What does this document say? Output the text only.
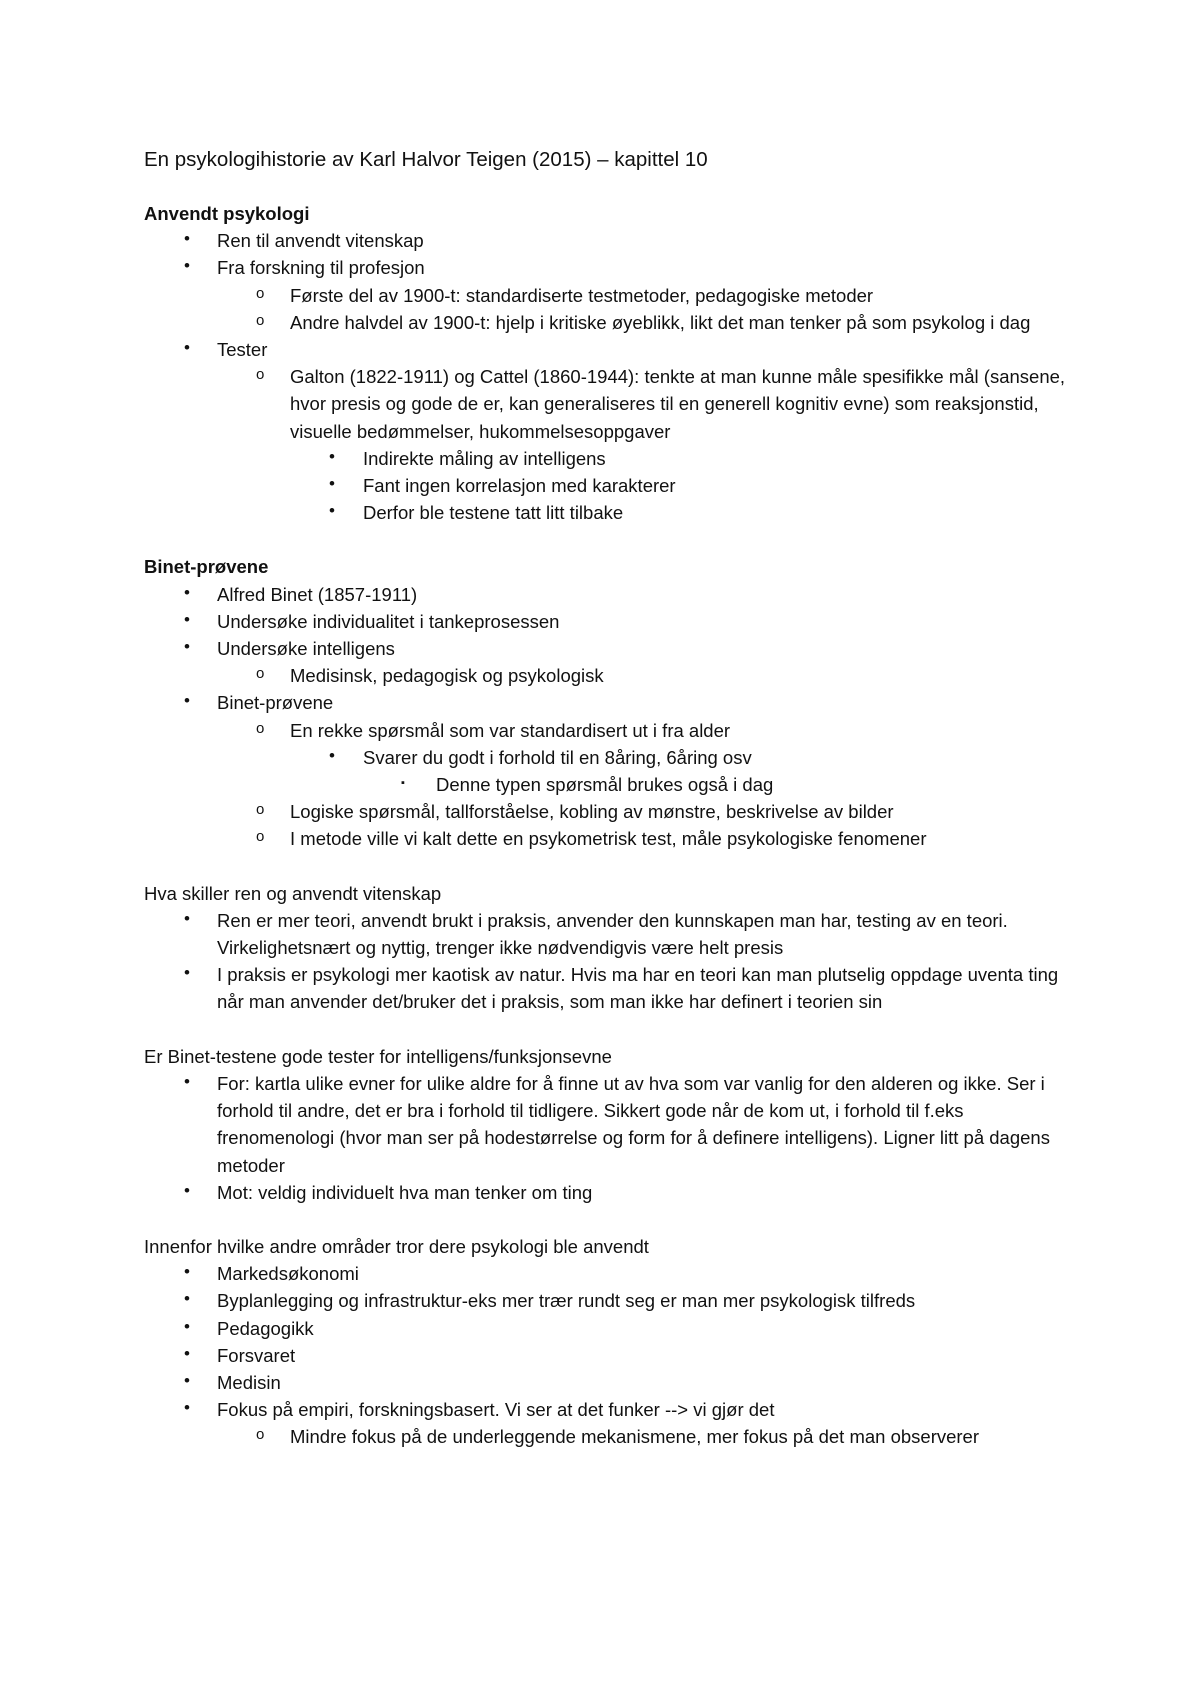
En psykologihistorie av Karl Halvor Teigen (2015) – kapittel 10

Anvendt psykologi

• Ren til anvendt vitenskap
• Fra forskning til profesjon
o Første del av 1900-t: standardiserte testmetoder, pedagogiske metoder
o Andre halvdel av 1900-t: hjelp i kritiske øyeblikk, likt det man tenker på som psykolog i dag
• Tester
o Galton (1822-1911) og Cattel (1860-1944): tenkte at man kunne måle spesifikke mål (sansene, hvor presis og gode de er, kan generaliseres til en generell kognitiv evne) som reaksjonstid, visuelle bedømmelser, hukommelsesoppgaver
• Indirekte måling av intelligens
• Fant ingen korrelasjon med karakterer
• Derfor ble testene tatt litt tilbake

Binet-prøvene

• Alfred Binet (1857-1911)
• Undersøke individualitet i tankeprosessen
• Undersøke intelligens
o Medisinsk, pedagogisk og psykologisk
• Binet-prøvene
o En rekke spørsmål som var standardisert ut i fra alder
• Svarer du godt i forhold til en 8åring, 6åring osv
▪ Denne typen spørsmål brukes også i dag
o Logiske spørsmål, tallforståelse, kobling av mønstre, beskrivelse av bilder
o I metode ville vi kalt dette en psykometrisk test, måle psykologiske fenomener

Hva skiller ren og anvendt vitenskap

• Ren er mer teori, anvendt brukt i praksis, anvender den kunnskapen man har, testing av en teori. Virkelighetsnært og nyttig, trenger ikke nødvendigvis være helt presis
• I praksis er psykologi mer kaotisk av natur. Hvis ma har en teori kan man plutselig oppdage uventa ting når man anvender det/bruker det i praksis, som man ikke har definert i teorien sin

Er Binet-testene gode tester for intelligens/funksjonsevne

• For: kartla ulike evner for ulike aldre for å finne ut av hva som var vanlig for den alderen og ikke. Ser i forhold til andre, det er bra i forhold til tidligere. Sikkert gode når de kom ut, i forhold til f.eks frenomenologi (hvor man ser på hodestørrelse og form for å definere intelligens). Ligner litt på dagens metoder
• Mot: veldig individuelt hva man tenker om ting

Innenfor hvilke andre områder tror dere psykologi ble anvendt

• Markedsøkonomi
• Byplanlegging og infrastruktur-eks mer trær rundt seg er man mer psykologisk tilfreds
• Pedagogikk
• Forsvaret
• Medisin
• Fokus på empiri, forskningsbasert. Vi ser at det funker --> vi gjør det
o Mindre fokus på de underleggende mekanismene, mer fokus på det man observerer
